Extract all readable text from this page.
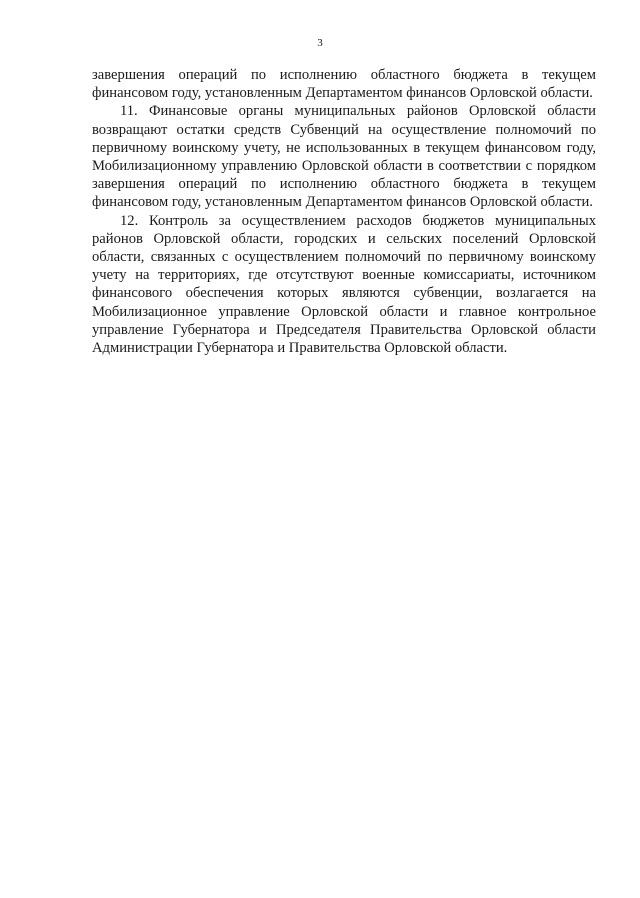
3

завершения операций по исполнению областного бюджета в текущем финансовом году, установленным Департаментом финансов Орловской области.

11. Финансовые органы муниципальных районов Орловской области возвращают остатки средств Субвенций на осуществление полномочий по первичному воинскому учету, не использованных в текущем финансовом году, Мобилизационному управлению Орловской области в соответствии с порядком завершения операций по исполнению областного бюджета в текущем финансовом году, установленным Департаментом финансов Орловской области.

12. Контроль за осуществлением расходов бюджетов муниципальных районов Орловской области, городских и сельских поселений Орловской области, связанных с осуществлением полномочий по первичному воинскому учету на территориях, где отсутствуют военные комиссариаты, источником финансового обеспечения которых являются субвенции, возлагается на Мобилизационное управление Орловской области и главное контрольное управление Губернатора и Председателя Правительства Орловской области Администрации Губернатора и Правительства Орловской области.
